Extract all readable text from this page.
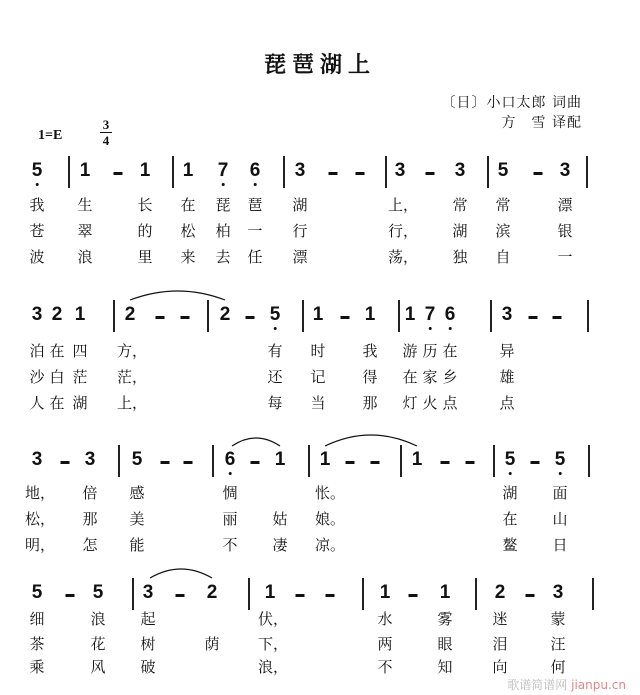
琵琶湖上
〔日〕小口太郎 词曲
方　雪 译配
1=E
3
4
5 1	1 1 7 6 3	3	3 5	3
我 生	长 在 琵 琶 湖	上， 常 常	漂
苍 翠	的 松 柏 一 行	行， 湖 滨	银
波 浪	里 来 去 任 漂	荡， 独 自	一
3 2 1 2	2 5 1 1 1 7 6 3
泊 在 四 方，	有 时 我 游 历 在	异
沙 白 茫 茫，	还 记 得 在 家 乡	雄
人 在 湖 上，	每 当 那 灯 火 点	点
3 3 5	6 1 1	1	5 5
地， 倍 感	惆	怅。	湖 面
松， 那 美	丽 姑 娘。	在 山
明， 怎 能	不 凄 凉。	鳌 日
5	5 3	2 1	1	1 2 3
细	浪 起	伏，	水	雾	迷	蒙
茶	花 树	荫	下，	两	眼	泪	汪
乘	风 破	浪，	不	知	向	何
歌谱简谱网 jianpu.cn
